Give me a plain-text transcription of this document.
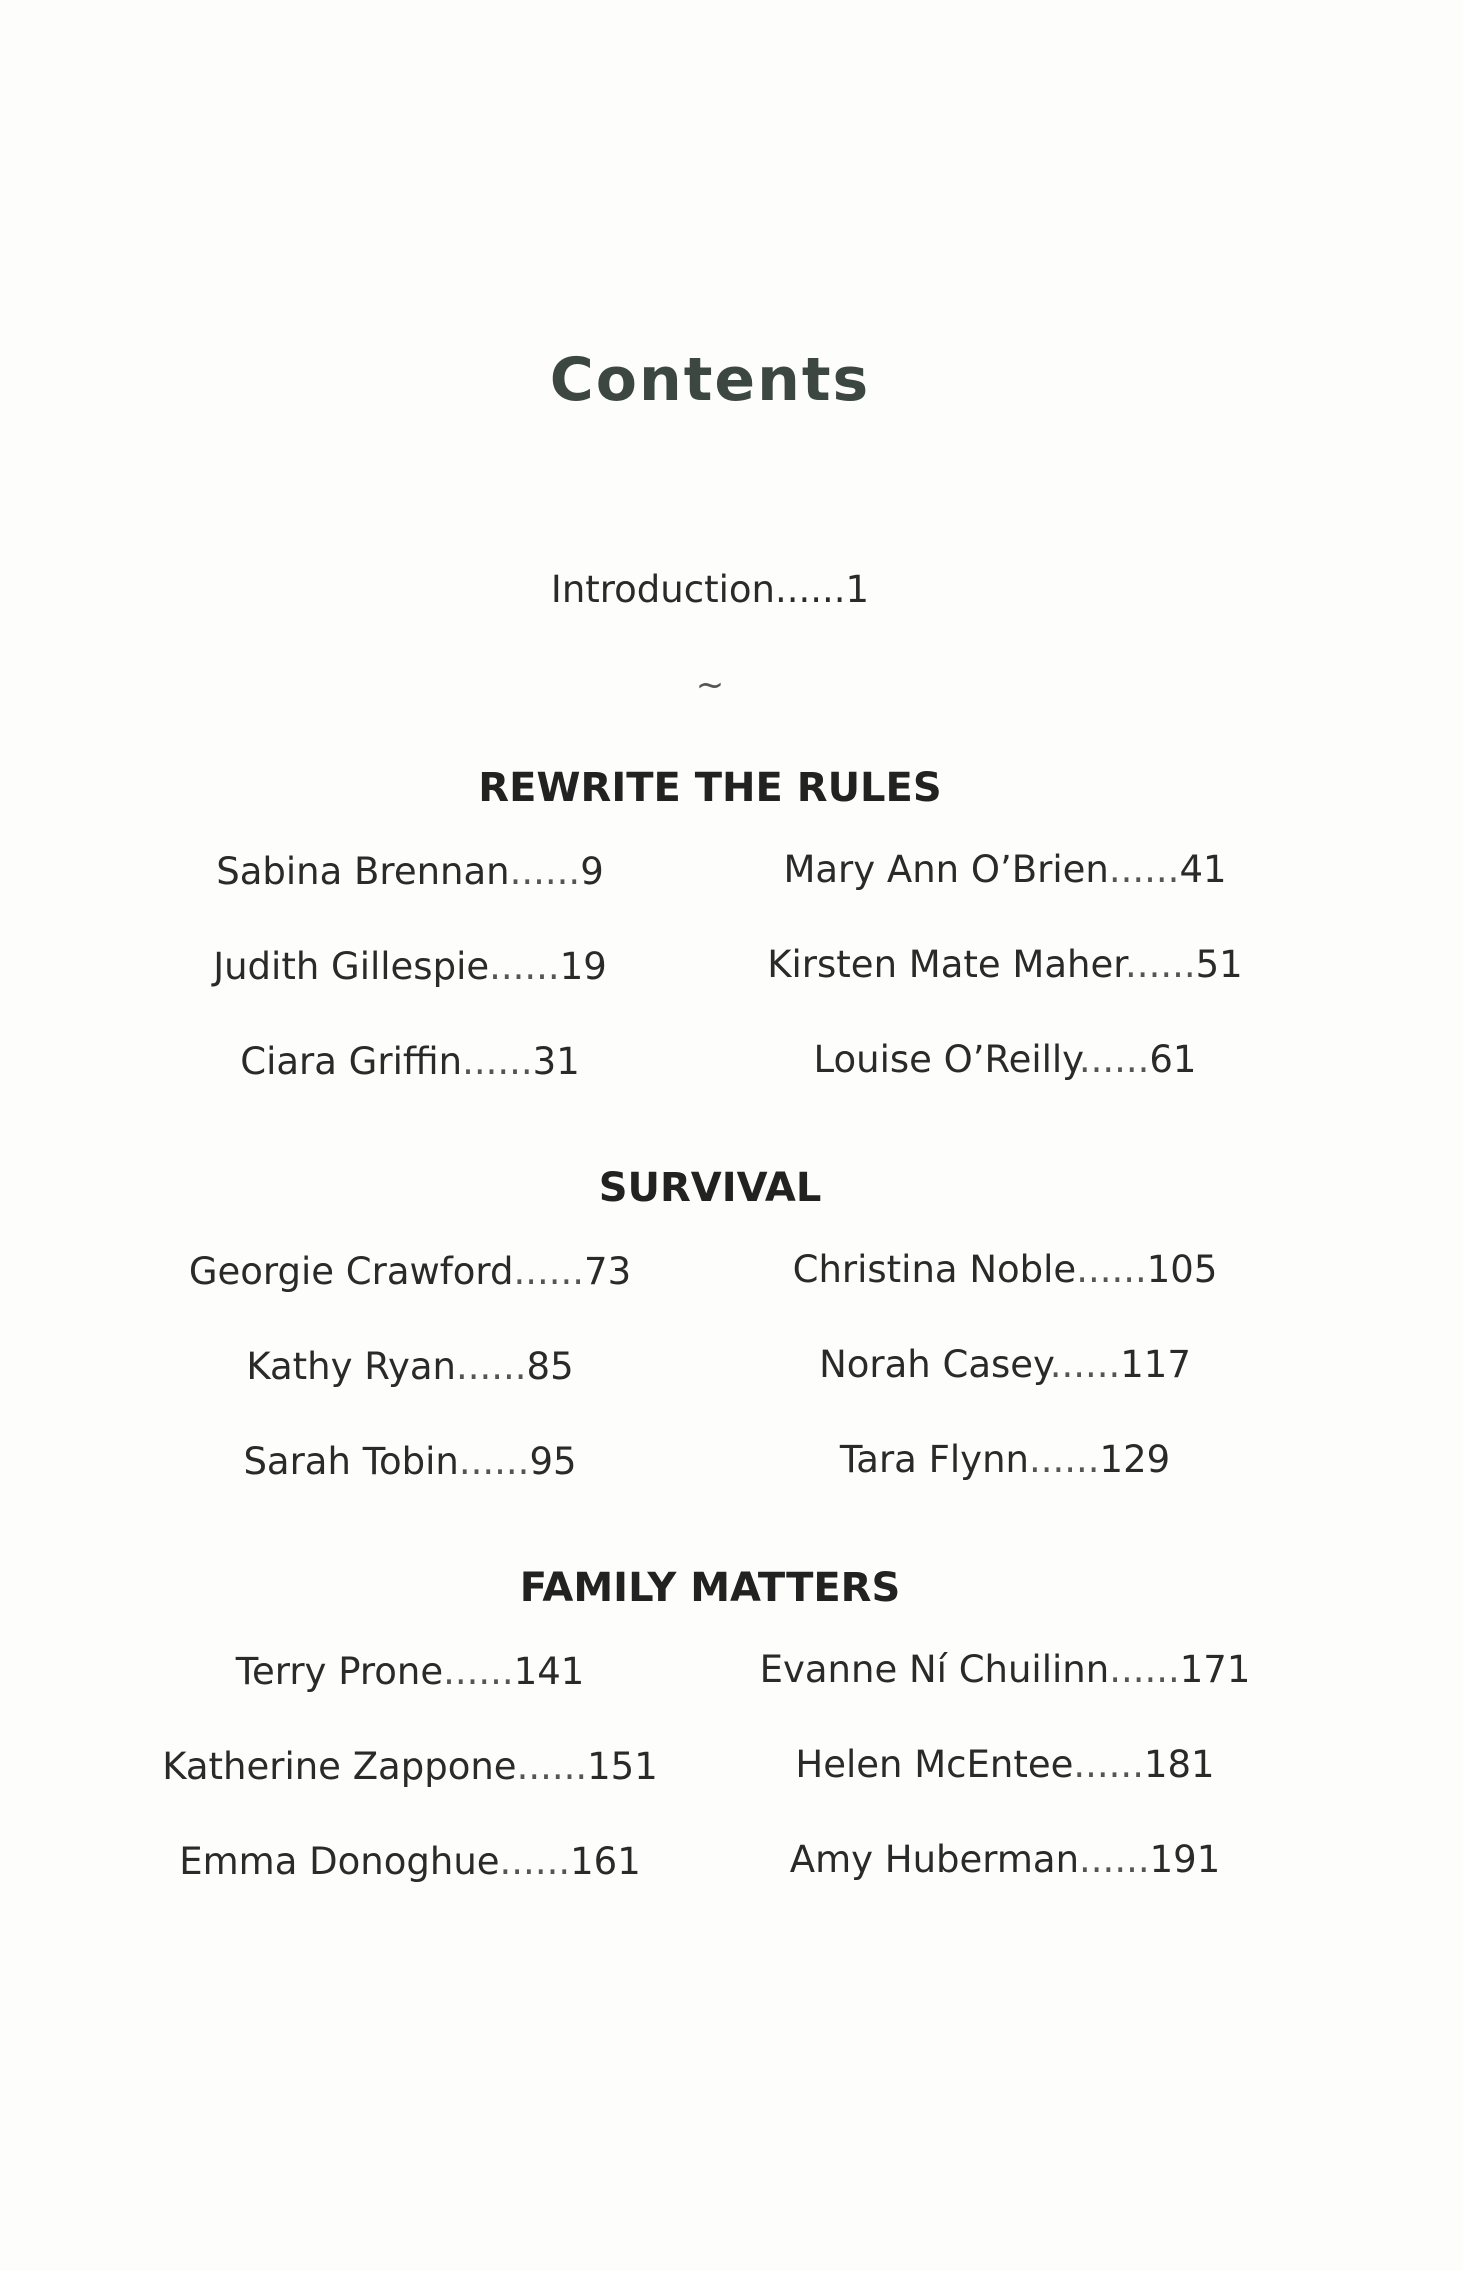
Contents
Introduction......1
~
REWRITE THE RULES
Sabina Brennan......9
Judith Gillespie......19
Ciara Griffin......31
Mary Ann O’Brien......41
Kirsten Mate Maher......51
Louise O’Reilly......61
SURVIVAL
Georgie Crawford......73
Kathy Ryan......85
Sarah Tobin......95
Christina Noble......105
Norah Casey......117
Tara Flynn......129
FAMILY MATTERS
Terry Prone......141
Katherine Zappone......151
Emma Donoghue......161
Evanne Ní Chuilinn......171
Helen McEntee......181
Amy Huberman......191
